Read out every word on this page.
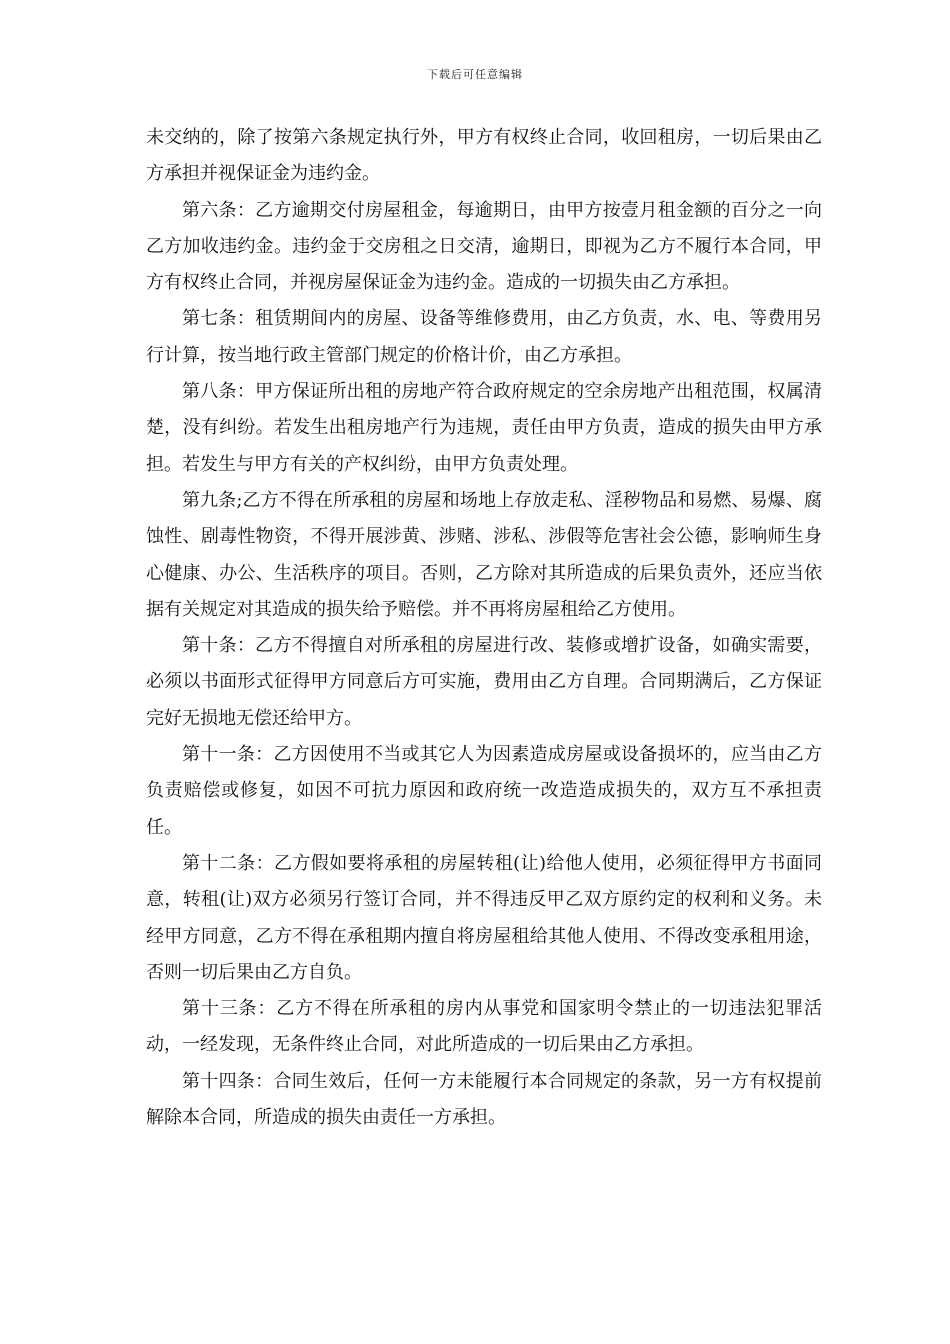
下载后可任意编辑

未交纳的，除了按第六条规定执行外，甲方有权终止合同，收回租房，一切后果由乙方承担并视保证金为违约金。

第六条：乙方逾期交付房屋租金，每逾期日，由甲方按壹月租金额的百分之一向乙方加收违约金。违约金于交房租之日交清，逾期日，即视为乙方不履行本合同，甲方有权终止合同，并视房屋保证金为违约金。造成的一切损失由乙方承担。

第七条：租赁期间内的房屋、设备等维修费用，由乙方负责，水、电、等费用另行计算，按当地行政主管部门规定的价格计价，由乙方承担。

第八条：甲方保证所出租的房地产符合政府规定的空余房地产出租范围，权属清楚，没有纠纷。若发生出租房地产行为违规，责任由甲方负责，造成的损失由甲方承担。若发生与甲方有关的产权纠纷，由甲方负责处理。

第九条;乙方不得在所承租的房屋和场地上存放走私、淫秽物品和易燃、易爆、腐蚀性、剧毒性物资，不得开展涉黄、涉赌、涉私、涉假等危害社会公德，影响师生身心健康、办公、生活秩序的项目。否则，乙方除对其所造成的后果负责外，还应当依据有关规定对其造成的损失给予赔偿。并不再将房屋租给乙方使用。

第十条：乙方不得擅自对所承租的房屋进行改、装修或增扩设备，如确实需要，必须以书面形式征得甲方同意后方可实施，费用由乙方自理。合同期满后，乙方保证完好无损地无偿还给甲方。

第十一条：乙方因使用不当或其它人为因素造成房屋或设备损坏的，应当由乙方负责赔偿或修复，如因不可抗力原因和政府统一改造造成损失的，双方互不承担责任。

第十二条：乙方假如要将承租的房屋转租(让)给他人使用，必须征得甲方书面同意，转租(让)双方必须另行签订合同，并不得违反甲乙双方原约定的权利和义务。未经甲方同意，乙方不得在承租期内擅自将房屋租给其他人使用、不得改变承租用途，否则一切后果由乙方自负。

第十三条：乙方不得在所承租的房内从事党和国家明令禁止的一切违法犯罪活动，一经发现，无条件终止合同，对此所造成的一切后果由乙方承担。

第十四条：合同生效后，任何一方未能履行本合同规定的条款，另一方有权提前解除本合同，所造成的损失由责任一方承担。
